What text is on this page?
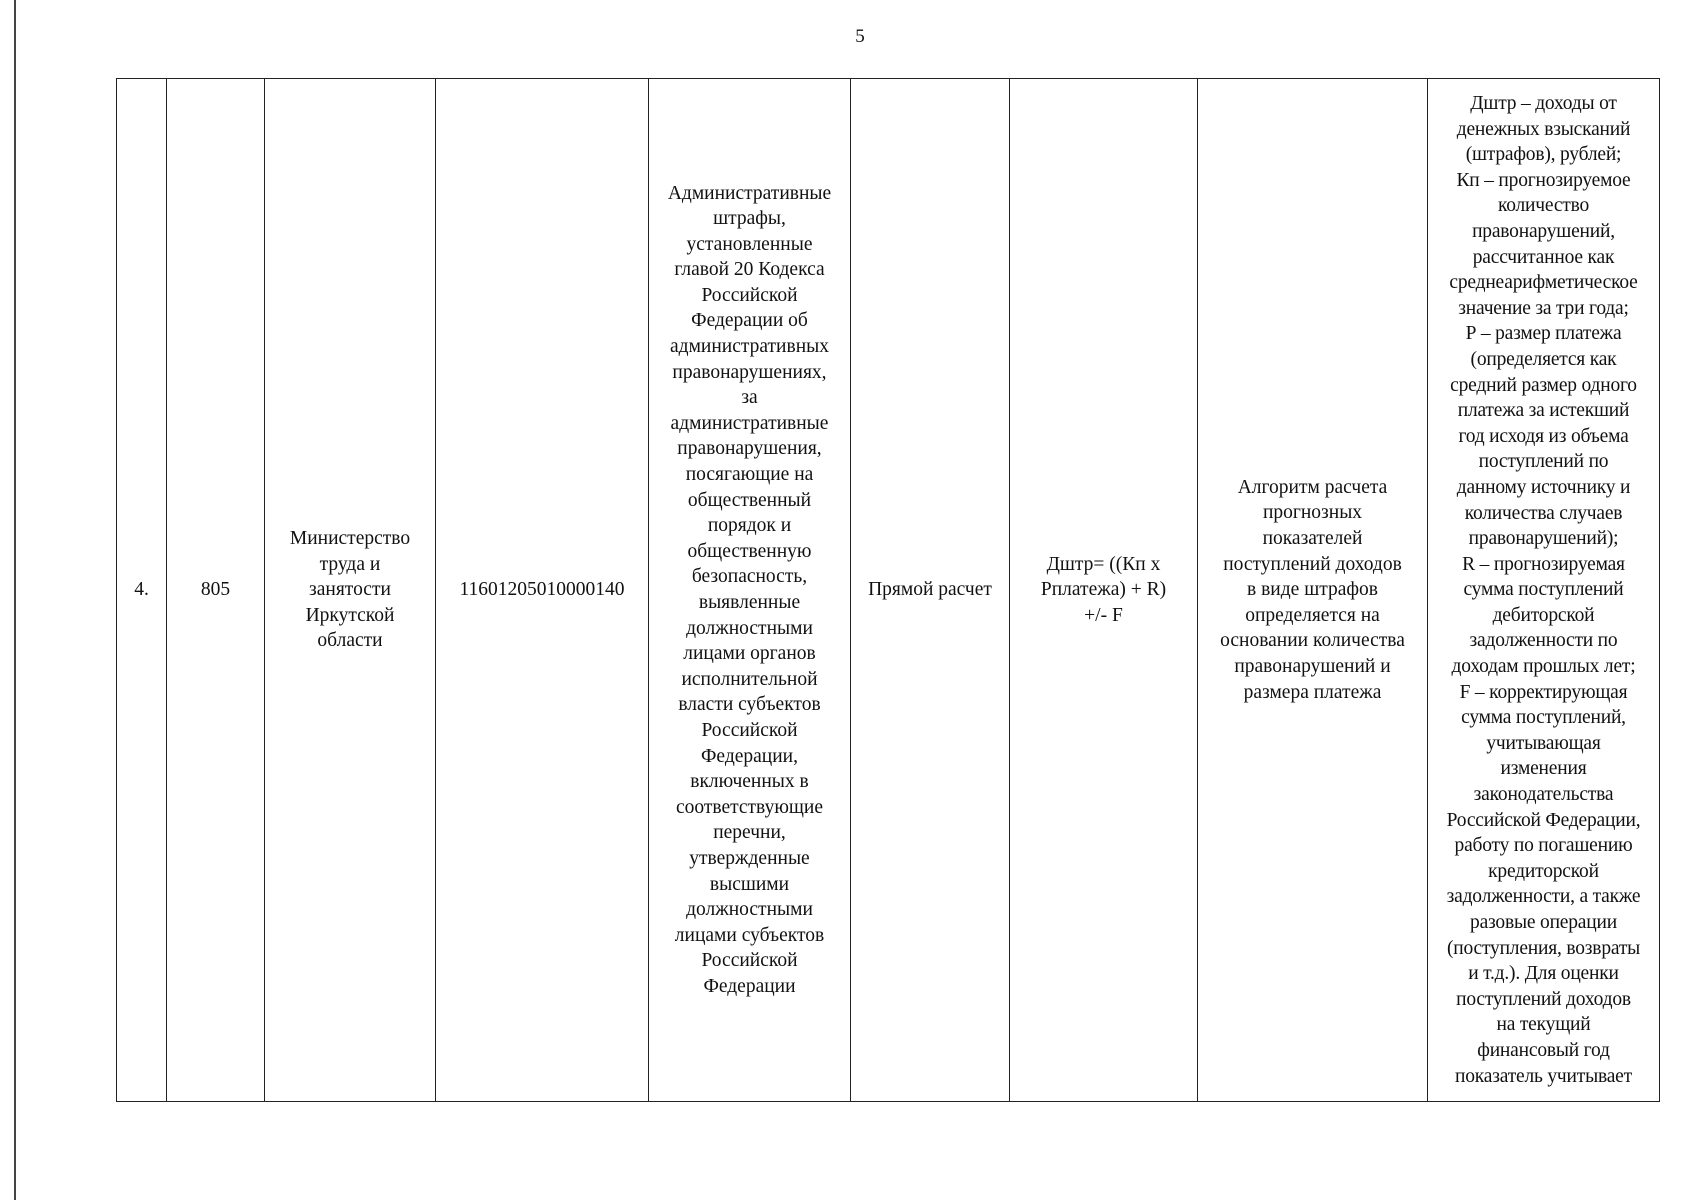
5
4.	805	Министерство
труда и
занятости
Иркутской
области	11601205010000140	Административные
штрафы,
установленные
главой 20 Кодекса
Российской
Федерации об
административных
правонарушениях,
за
административные
правонарушения,
посягающие на
общественный
порядок и
общественную
безопасность,
выявленные
должностными
лицами органов
исполнительной
власти субъектов
Российской
Федерации,
включенных в
соответствующие
перечни,
утвержденные
высшими
должностными
лицами субъектов
Российской
Федерации	Прямой расчет	Дштр= ((Кп х
Рплатежа) + R)
+/- F	Алгоритм расчета
прогнозных
показателей
поступлений доходов
в виде штрафов
определяется на
основании количества
правонарушений и
размера платежа	Дштр – доходы от
денежных взысканий
(штрафов), рублей;
Кп – прогнозируемое
количество
правонарушений,
рассчитанное как
среднеарифметическое
значение за три года;
Р – размер платежа
(определяется как
средний размер одного
платежа за истекший
год исходя из объема
поступлений по
данному источнику и
количества случаев
правонарушений);
R – прогнозируемая
сумма поступлений
дебиторской
задолженности по
доходам прошлых лет;
F – корректирующая
сумма поступлений,
учитывающая
изменения
законодательства
Российской Федерации,
работу по погашению
кредиторской
задолженности, а также
разовые операции
(поступления, возвраты
и т.д.). Для оценки
поступлений доходов
на текущий
финансовый год
показатель учитывает
